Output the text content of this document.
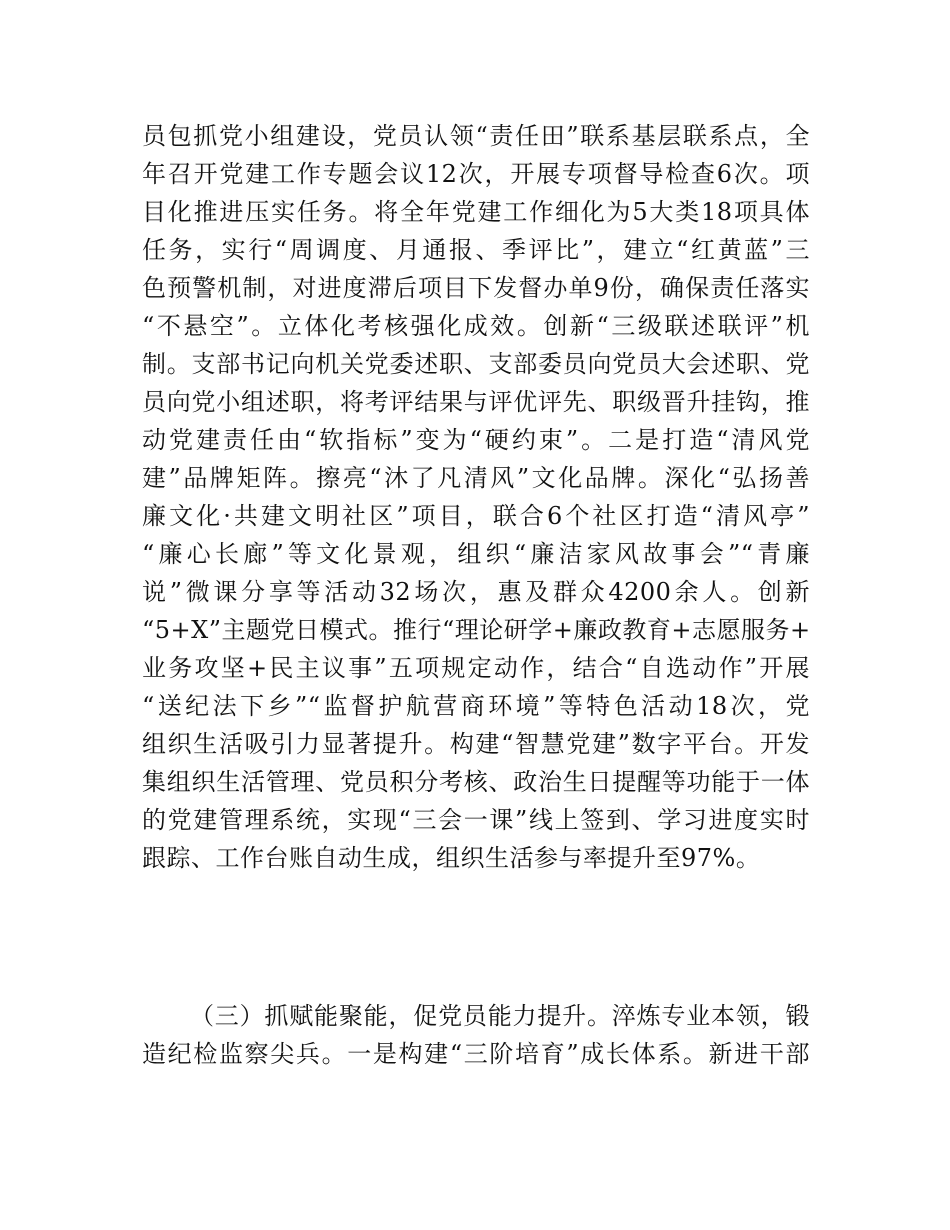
员包抓党小组建设，党员认领“责任田”联系基层联系点，全
年召开党建工作专题会议12次，开展专项督导检查6次。项
目化推进压实任务。将全年党建工作细化为5大类18项具体
任务，实行“周调度、月通报、季评比”，建立“红黄蓝”三
色预警机制，对进度滞后项目下发督办单9份，确保责任落实
“不悬空”。立体化考核强化成效。创新“三级联述联评”机
制。支部书记向机关党委述职、支部委员向党员大会述职、党
员向党小组述职，将考评结果与评优评先、职级晋升挂钩，推
动党建责任由“软指标”变为“硬约束”。二是打造“清风党
建”品牌矩阵。擦亮“沐了凡清风”文化品牌。深化“弘扬善
廉文化·共建文明社区”项目，联合6个社区打造“清风亭”
“廉心长廊”等文化景观，组织“廉洁家风故事会”“青廉
说”微课分享等活动32场次，惠及群众4200余人。创新
“5+X”主题党日模式。推行“理论研学+廉政教育+志愿服务+
业务攻坚+民主议事”五项规定动作，结合“自选动作”开展
“送纪法下乡”“监督护航营商环境”等特色活动18次，党
组织生活吸引力显著提升。构建“智慧党建”数字平台。开发
集组织生活管理、党员积分考核、政治生日提醒等功能于一体
的党建管理系统，实现“三会一课”线上签到、学习进度实时
跟踪、工作台账自动生成，组织生活参与率提升至97%。
（三）抓赋能聚能，促党员能力提升。淬炼专业本领，锻
造纪检监察尖兵。一是构建“三阶培育”成长体系。新进干部
